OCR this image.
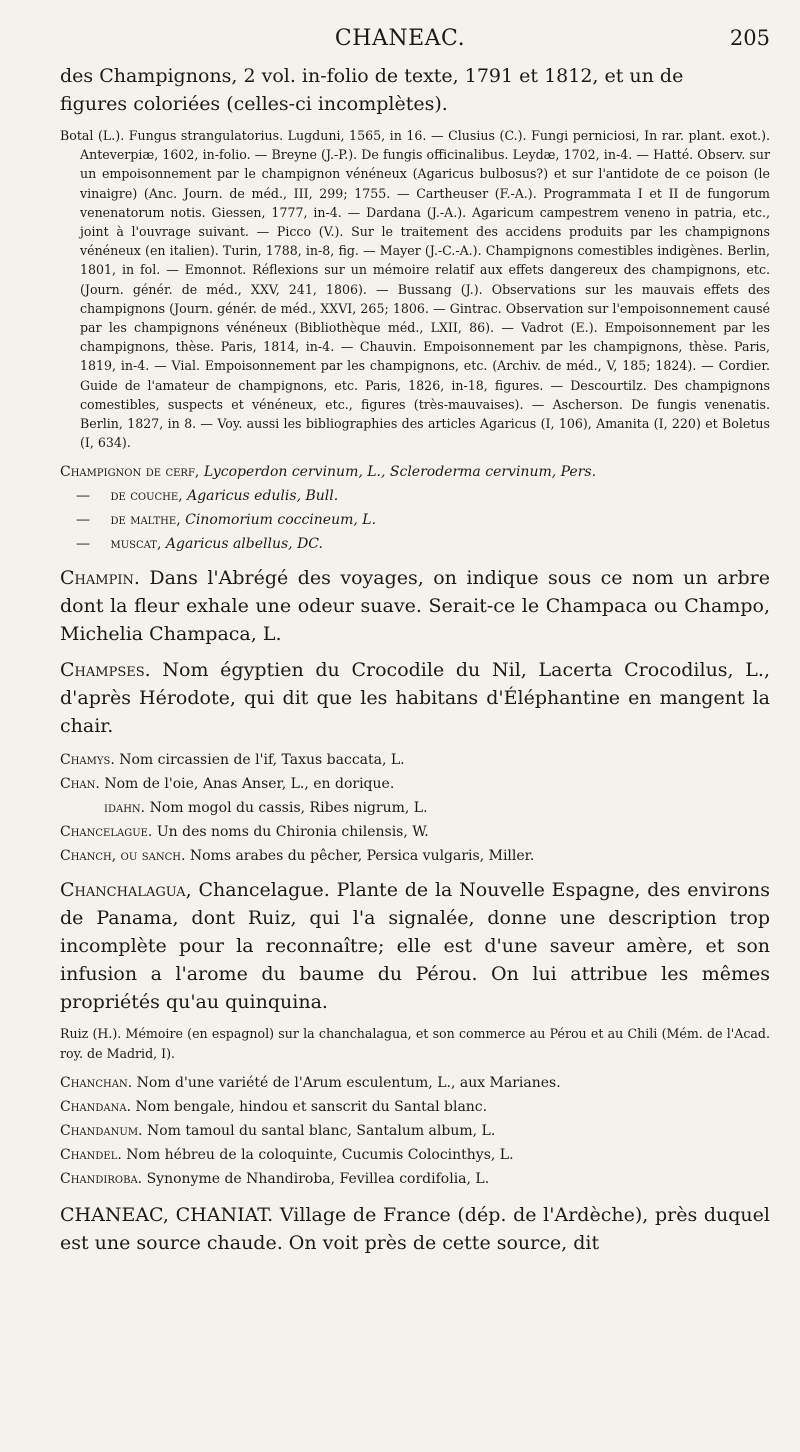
CHANEAC.	205

des Champignons, 2 vol. in-folio de texte, 1791 et 1812, et un de

figures coloriées (celles-ci incomplètes).

Botal (L.). Fungus strangulatorius. Lugduni, 1565, in 16. — Clusius (C.). Fungi perniciosi, In rar. plant. exot.). Anteverpiæ, 1602, in-folio. — Breyne (J.-P.). De fungis officinalibus. Leydæ, 1702, in-4. — Hatté. Observ. sur un empoisonnement par le champignon vénéneux (Agaricus bulbosus?) et sur l'antidote de ce poison (le vinaigre) (Anc. Journ. de méd., III, 299; 1755. — Cartheuser (F.-A.). Programmata I et II de fungorum venenatorum notis. Giessen, 1777, in-4. — Dardana (J.-A.). Agaricum campestrem veneno in patria, etc., joint à l'ouvrage suivant. — Picco (V.). Sur le traitement des accidens produits par les champignons vénéneux (en italien). Turin, 1788, in-8, fig. — Mayer (J.-C.-A.). Champignons comestibles indigènes. Berlin, 1801, in fol. — Emonnot. Réflexions sur un mémoire relatif aux effets dangereux des champignons, etc. (Journ. génér. de méd., XXV, 241, 1806). — Bussang (J.). Observations sur les mauvais effets des champignons (Journ. génér. de méd., XXVI, 265; 1806. — Gintrac. Observation sur l'empoisonnement causé par les champignons vénéneux (Bibliothèque méd., LXII, 86). — Vadrot (E.). Empoisonnement par les champignons, thèse. Paris, 1814, in-4. — Chauvin. Empoisonnement par les champignons, thèse. Paris, 1819, in-4. — Vial. Empoisonnement par les champignons, etc. (Archiv. de méd., V, 185; 1824). — Cordier. Guide de l'amateur de champignons, etc. Paris, 1826, in-18, figures. — Descourtilz. Des champignons comestibles, suspects et vénéneux, etc., figures (très-mauvaises). — Ascherson. De fungis venenatis. Berlin, 1827, in 8. — Voy. aussi les bibliographies des articles Agaricus (I, 106), Amanita (I, 220) et Boletus (I, 634).

Champignon de cerf, Lycoperdon cervinum, L., Scleroderma cervinum, Pers.

— de couche, Agaricus edulis, Bull.

— de malthe, Cinomorium coccineum, L.

— muscat, Agaricus albellus, DC.

Champin. Dans l'Abrégé des voyages, on indique sous ce nom un arbre dont la fleur exhale une odeur suave. Serait-ce le Champaca ou Champo, Michelia Champaca, L.

Champses. Nom égyptien du Crocodile du Nil, Lacerta Crocodilus, L., d'après Hérodote, qui dit que les habitans d'Éléphantine en mangent la chair.

Chamys. Nom circassien de l'if, Taxus baccata, L.

Chan. Nom de l'oie, Anas Anser, L., en dorique.

idahn. Nom mogol du cassis, Ribes nigrum, L.

Chancelague. Un des noms du Chironia chilensis, W.

Chanch, ou sanch. Noms arabes du pêcher, Persica vulgaris, Miller.

Chanchalagua, Chancelague. Plante de la Nouvelle Espagne, des environs de Panama, dont Ruiz, qui l'a signalée, donne une description trop incomplète pour la reconnaître; elle est d'une saveur amère, et son infusion a l'arome du baume du Pérou. On lui attribue les mêmes propriétés qu'au quinquina.

Ruiz (H.). Mémoire (en espagnol) sur la chanchalagua, et son commerce au Pérou et au Chili (Mém. de l'Acad. roy. de Madrid, I).

Chanchan. Nom d'une variété de l'Arum esculentum, L., aux Marianes.

Chandana. Nom bengale, hindou et sanscrit du Santal blanc.

Chandanum. Nom tamoul du santal blanc, Santalum album, L.

Chandel. Nom hébreu de la coloquinte, Cucumis Colocinthys, L.

Chandiroba. Synonyme de Nhandiroba, Fevillea cordifolia, L.

CHANEAC, CHANIAT. Village de France (dép. de l'Ardèche), près duquel est une source chaude. On voit près de cette source, dit
